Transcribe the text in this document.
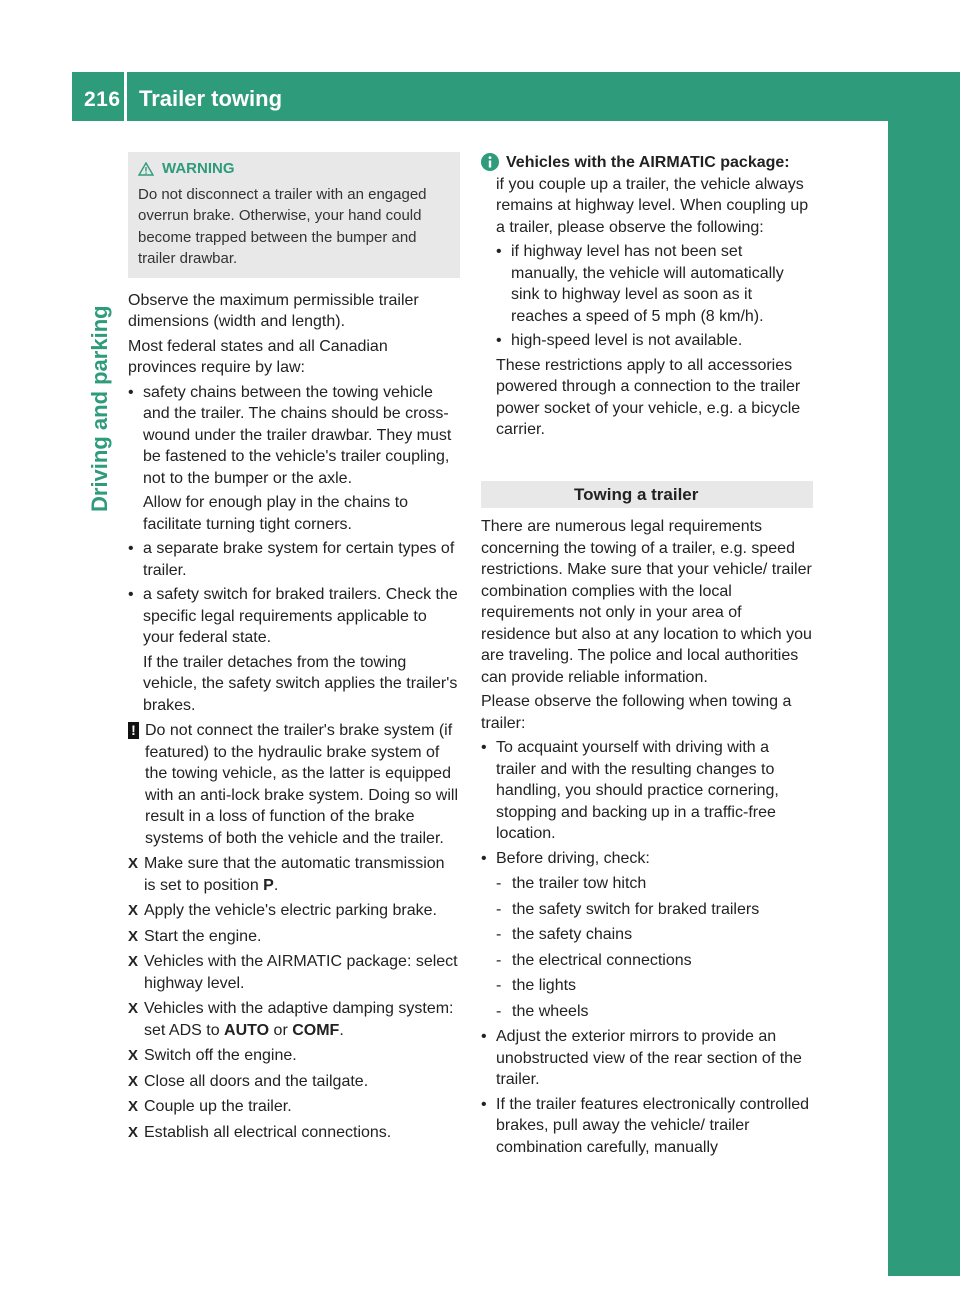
216 Trailer towing
Driving and parking
WARNING
Do not disconnect a trailer with an engaged overrun brake. Otherwise, your hand could become trapped between the bumper and trailer drawbar.

Observe the maximum permissible trailer dimensions (width and length).

Most federal states and all Canadian provinces require by law:

• safety chains between the towing vehicle and the trailer. The chains should be cross-wound under the trailer drawbar. They must be fastened to the vehicle's trailer coupling, not to the bumper or the axle.
Allow for enough play in the chains to facilitate turning tight corners.
• a separate brake system for certain types of trailer.
• a safety switch for braked trailers. Check the specific legal requirements applicable to your federal state.
If the trailer detaches from the towing vehicle, the safety switch applies the trailer's brakes.
! Do not connect the trailer's brake system (if featured) to the hydraulic brake system of the towing vehicle, as the latter is equipped with an anti-lock brake system. Doing so will result in a loss of function of the brake systems of both the vehicle and the trailer.
X Make sure that the automatic transmission is set to position P.
X Apply the vehicle's electric parking brake.
X Start the engine.
X Vehicles with the AIRMATIC package: select highway level.
X Vehicles with the adaptive damping system: set ADS to AUTO or COMF.
X Switch off the engine.
X Close all doors and the tailgate.
X Couple up the trailer.
X Establish all electrical connections.
Vehicles with the AIRMATIC package:

if you couple up a trailer, the vehicle always remains at highway level. When coupling up a trailer, please observe the following:

• if highway level has not been set manually, the vehicle will automatically sink to highway level as soon as it reaches a speed of 5 mph (8 km/h).
• high-speed level is not available.

These restrictions apply to all accessories powered through a connection to the trailer power socket of your vehicle, e.g. a bicycle carrier.

Towing a trailer

There are numerous legal requirements concerning the towing of a trailer, e.g. speed restrictions. Make sure that your vehicle/ trailer combination complies with the local requirements not only in your area of residence but also at any location to which you are traveling. The police and local authorities can provide reliable information.

Please observe the following when towing a trailer:

• To acquaint yourself with driving with a trailer and with the resulting changes to handling, you should practice cornering, stopping and backing up in a traffic-free location.
• Before driving, check:
- the trailer tow hitch
- the safety switch for braked trailers
- the safety chains
- the electrical connections
- the lights
- the wheels
• Adjust the exterior mirrors to provide an unobstructed view of the rear section of the trailer.
• If the trailer features electronically controlled brakes, pull away the vehicle/ trailer combination carefully, manually
